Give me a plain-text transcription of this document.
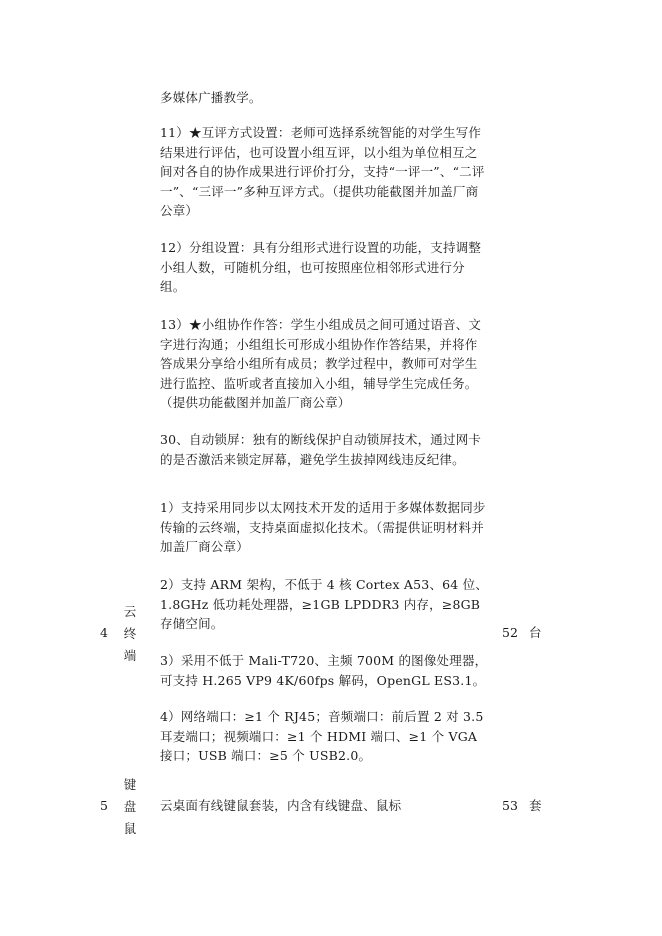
多媒体广播教学。

11）★互评方式设置：老师可选择系统智能的对学生写作结果进行评估，也可设置小组互评，以小组为单位相互之间对各自的协作成果进行评价打分，支持“一评一”、“二评一”、“三评一”多种互评方式。（提供功能截图并加盖厂商公章）

12）分组设置：具有分组形式进行设置的功能，支持调整小组人数，可随机分组，也可按照座位相邻形式进行分组。

13）★小组协作作答：学生小组成员之间可通过语音、文字进行沟通；小组组长可形成小组协作作答结果，并将作答成果分享给小组所有成员；教学过程中，教师可对学生进行监控、监听或者直接加入小组，辅导学生完成任务。（提供功能截图并加盖厂商公章）

30、自动锁屏：独有的断线保护自动锁屏技术，通过网卡的是否激活来锁定屏幕，避免学生拔掉网线违反纪律。

4
云
终
端

1）支持采用同步以太网技术开发的适用于多媒体数据同步传输的云终端，支持桌面虚拟化技术。（需提供证明材料并加盖厂商公章）

2）支持 ARM 架构，不低于 4 核 Cortex A53、64 位、1.8GHz 低功耗处理器，≥1GB LPDDR3 内存，≥8GB 存储空间。

3）采用不低于 Mali-T720、主频 700M 的图像处理器，可支持 H.265 VP9 4K/60fps 解码，OpenGL ES3.1。

4）网络端口：≥1 个 RJ45；音频端口：前后置 2 对 3.5 耳麦端口；视频端口：≥1 个 HDMI 端口、≥1 个 VGA 接口；USB 端口：≥5 个 USB2.0。

52 台
5
键
盘
鼠

云桌面有线键鼠套装，内含有线键盘、鼠标	53 套
